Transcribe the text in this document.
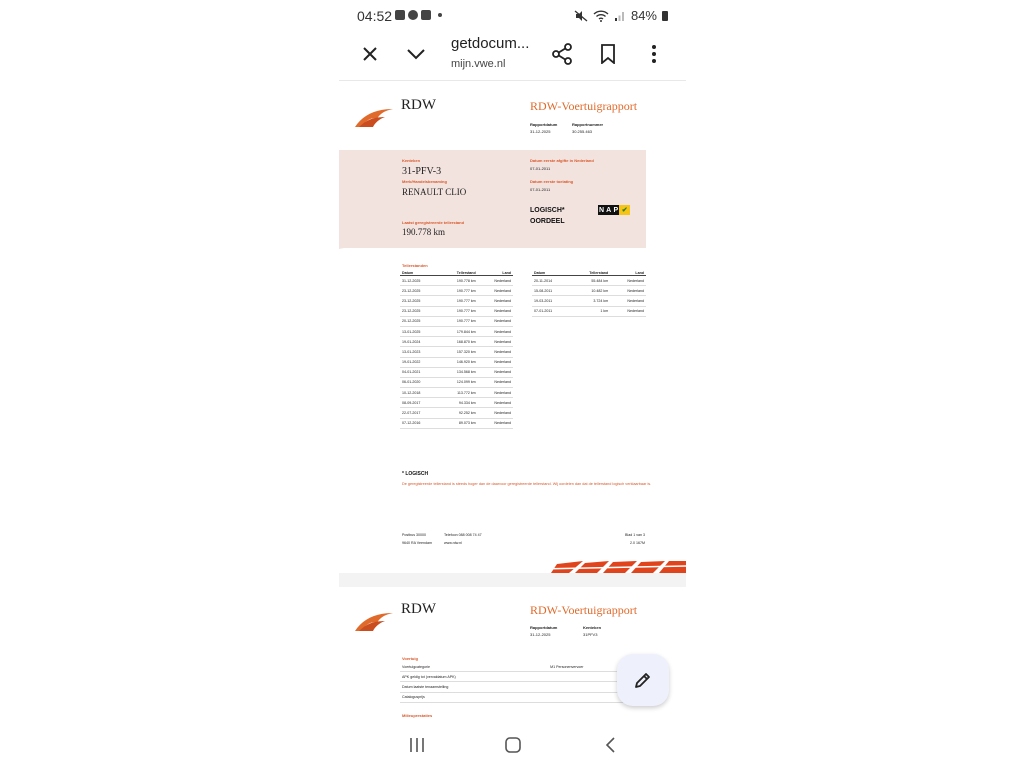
04:52	84%
getdocum...
mijn.vwe.nl
RDW	RDW-Voertuigrapport
Rapportdatum
31-12-2025
Rapportnummer
30.255.463
Kenteken
31-PFV-3
Merk/Handelsbenaming
RENAULT CLIO
Laatst geregistreerde tellerstand
190.778 km
Datum eerste afgifte in Nederland
07-01-2011
Datum eerste toelating
07-01-2011
LOGISCH*
OORDEEL
N A P ✔
Tellerstanden
Datum	Tellerstand	Land
31-12-2025	190.778 km	Nederland
23-12-2025	190.777 km	Nederland
23-12-2025	190.777 km	Nederland
23-12-2025	190.777 km	Nederland
20-12-2025	190.777 km	Nederland
13-01-2025	179.844 km	Nederland
19-01-2024	168.870 km	Nederland
13-01-2023	157.320 km	Nederland
19-01-2022	146.920 km	Nederland
04-01-2021	134.568 km	Nederland
06-01-2020	124.099 km	Nederland
10-12-2018	113.772 km	Nederland
08-09-2017	94.334 km	Nederland
22-07-2017	92.252 km	Nederland
07-12-2016	89.073 km	Nederland
Datum	Tellerstand	Land
20-11-2014	55.484 km	Nederland
15-08-2011	10.482 km	Nederland
19-03-2011	3.724 km	Nederland
07-01-2011	1 km	Nederland
* LOGISCH
De geregistreerde tellerstand is steeds hoger dan de daarvoor geregistreerde tellerstand. Wij oordelen dan dat de tellerstand logisch verklaarbaar is.
Postbus 30000
9640 RA Veendam
Telefoon 088 008 74 47
www.rdw.nl
Blad 1 van 3
2.0 167M
RDW	RDW-Voertuigrapport
Rapportdatum
31-12-2025
Kenteken
31PFV3
Voertuig
Voertuigcategorie	M1 Personenvervoer
APK geldig tot (vervaldatum APK)	
Datum laatste tenaamstelling	
Catalogusprijs	
Milieuprestaties
